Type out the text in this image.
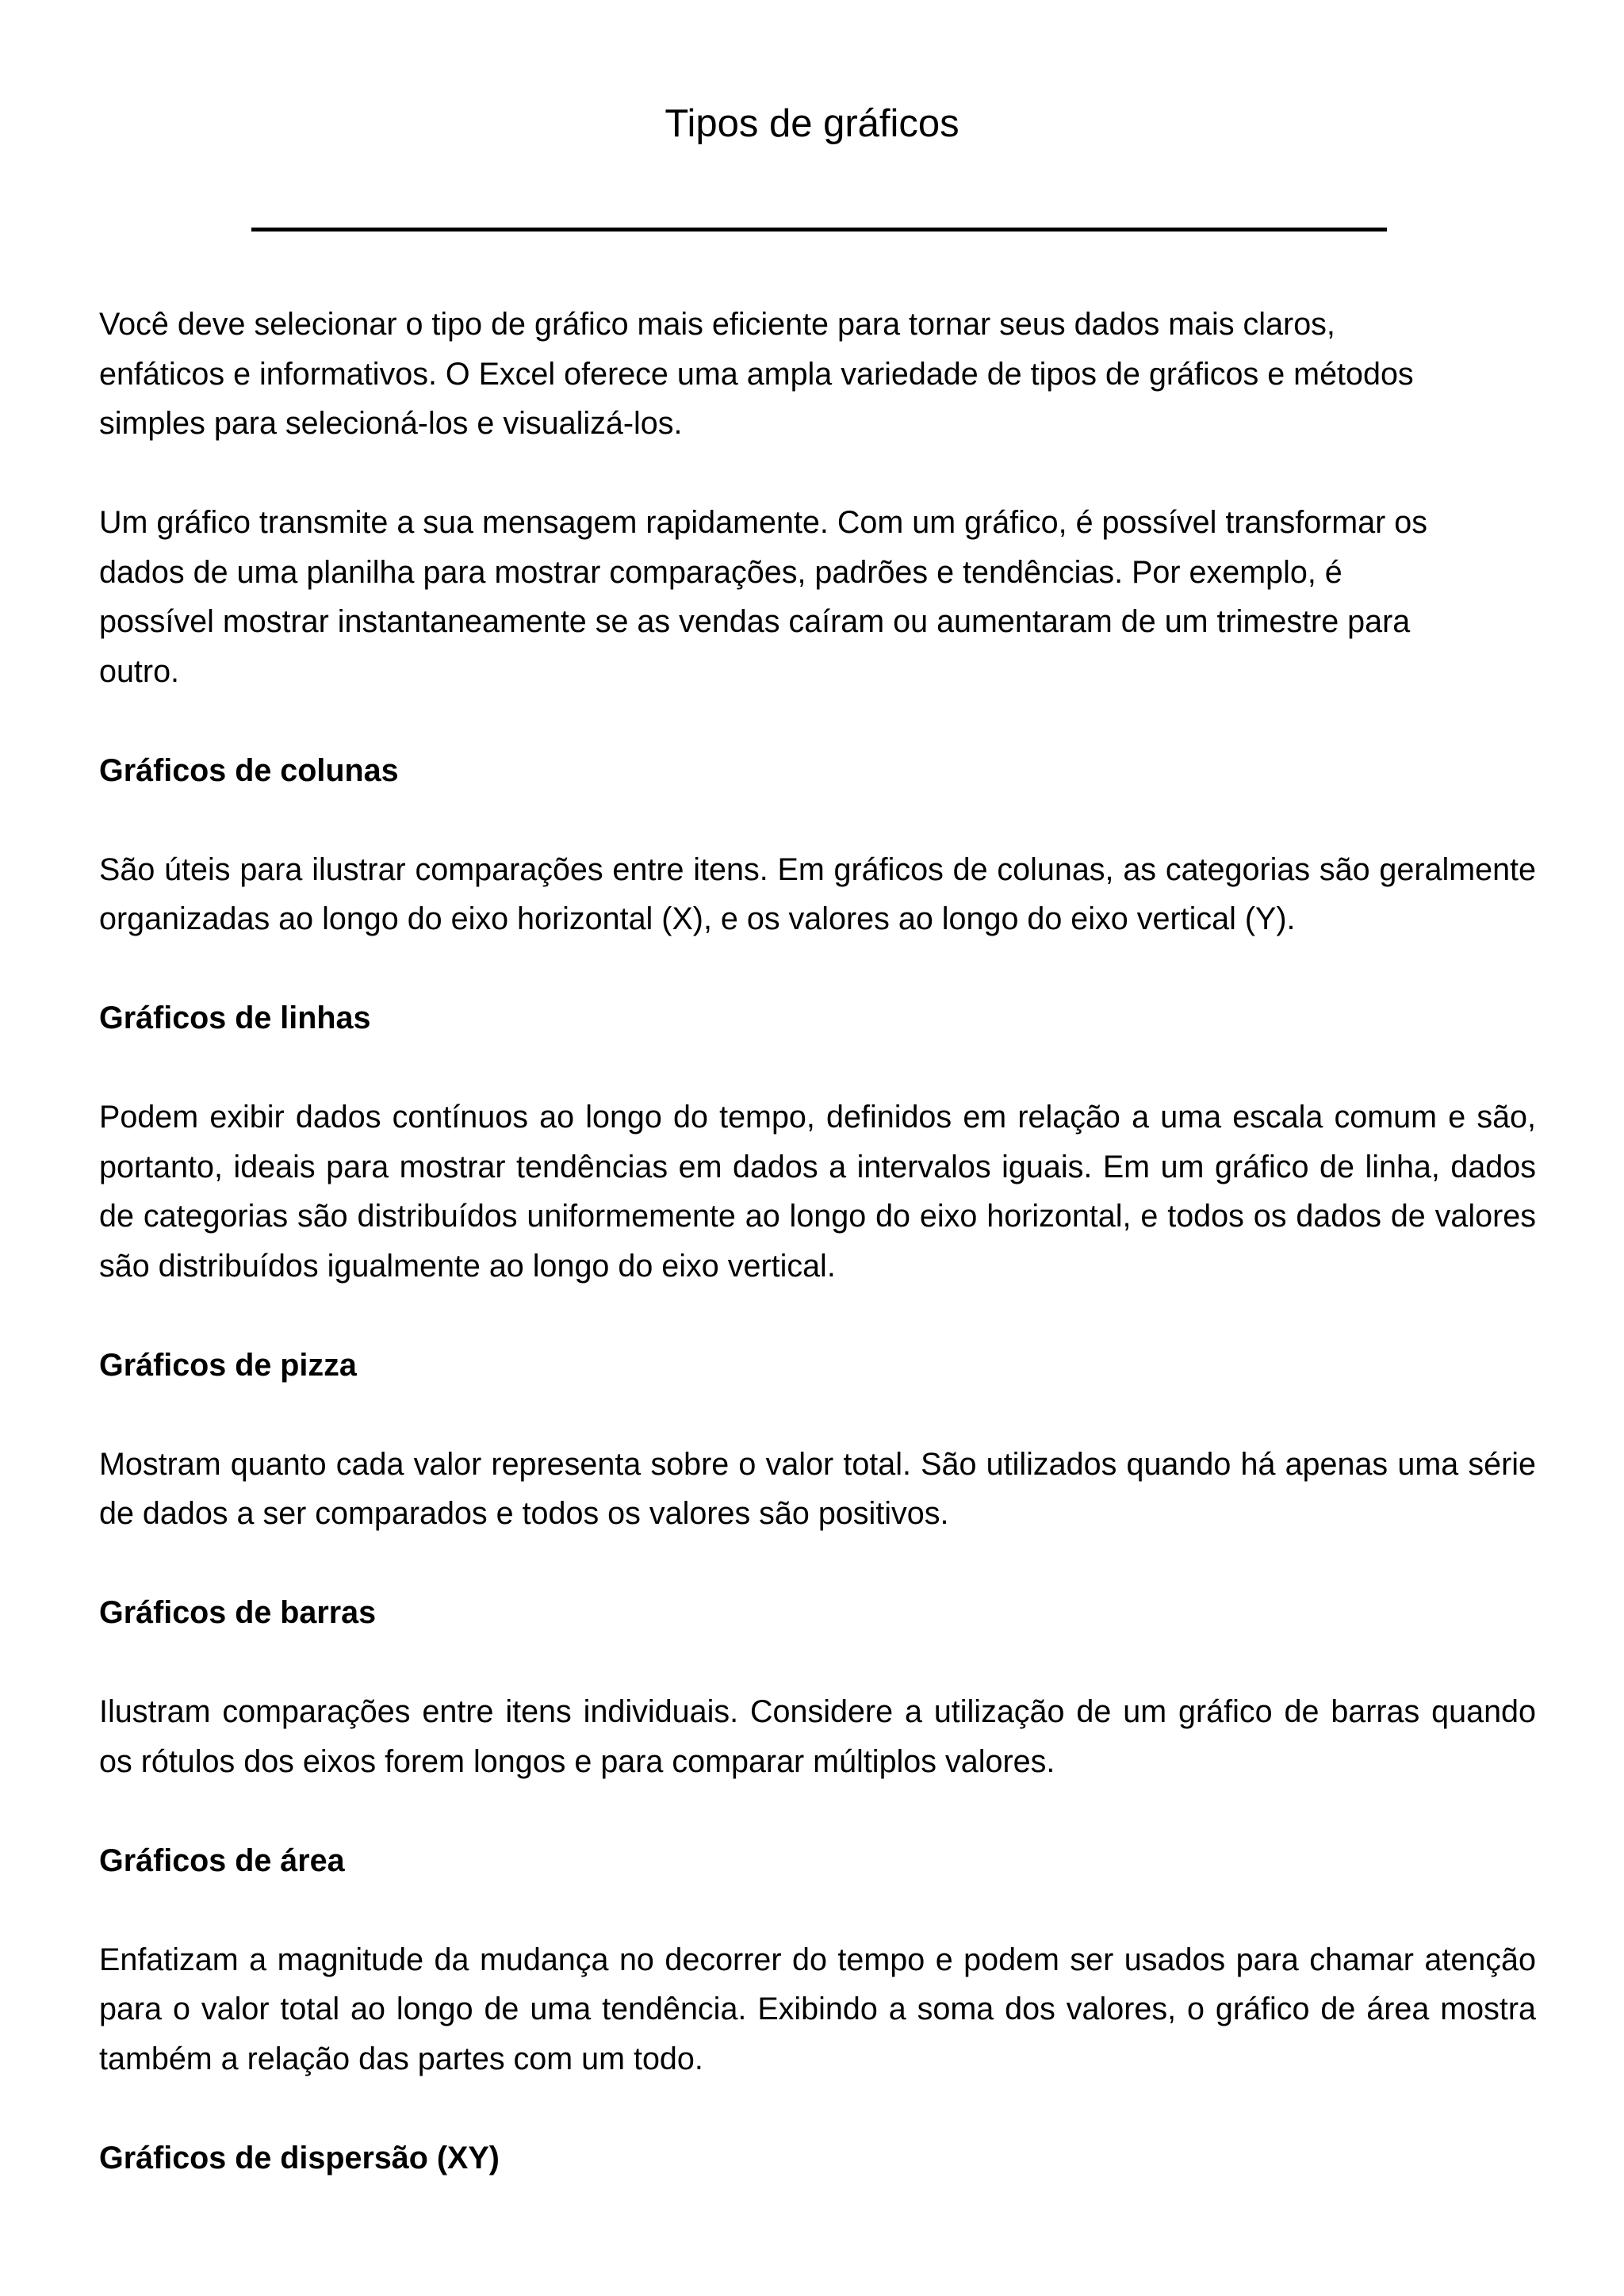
Tipos de gráficos

Você deve selecionar o tipo de gráfico mais eficiente para tornar seus dados mais claros,
enfáticos e informativos. O Excel oferece uma ampla variedade de tipos de gráficos e métodos
simples para selecioná-los e visualizá-los.

Um gráfico transmite a sua mensagem rapidamente. Com um gráfico, é possível transformar os
dados de uma planilha para mostrar comparações, padrões e tendências. Por exemplo, é
possível mostrar instantaneamente se as vendas caíram ou aumentaram de um trimestre para
outro.

Gráficos de colunas

São úteis para ilustrar comparações entre itens. Em gráficos de colunas, as categorias são geralmente organizadas ao longo do eixo horizontal (X), e os valores ao longo do eixo vertical (Y).

Gráficos de linhas

Podem exibir dados contínuos ao longo do tempo, definidos em relação a uma escala comum e são, portanto, ideais para mostrar tendências em dados a intervalos iguais. Em um gráfico de linha, dados de categorias são distribuídos uniformemente ao longo do eixo horizontal, e todos os dados de valores são distribuídos igualmente ao longo do eixo vertical.

Gráficos de pizza

Mostram quanto cada valor representa sobre o valor total. São utilizados quando há apenas uma série de dados a ser comparados e todos os valores são positivos.

Gráficos de barras

Ilustram comparações entre itens individuais. Considere a utilização de um gráfico de barras quando os rótulos dos eixos forem longos e para comparar múltiplos valores.

Gráficos de área

Enfatizam a magnitude da mudança no decorrer do tempo e podem ser usados para chamar atenção para o valor total ao longo de uma tendência. Exibindo a soma dos valores, o gráfico de área mostra também a relação das partes com um todo.

Gráficos de dispersão (XY)
